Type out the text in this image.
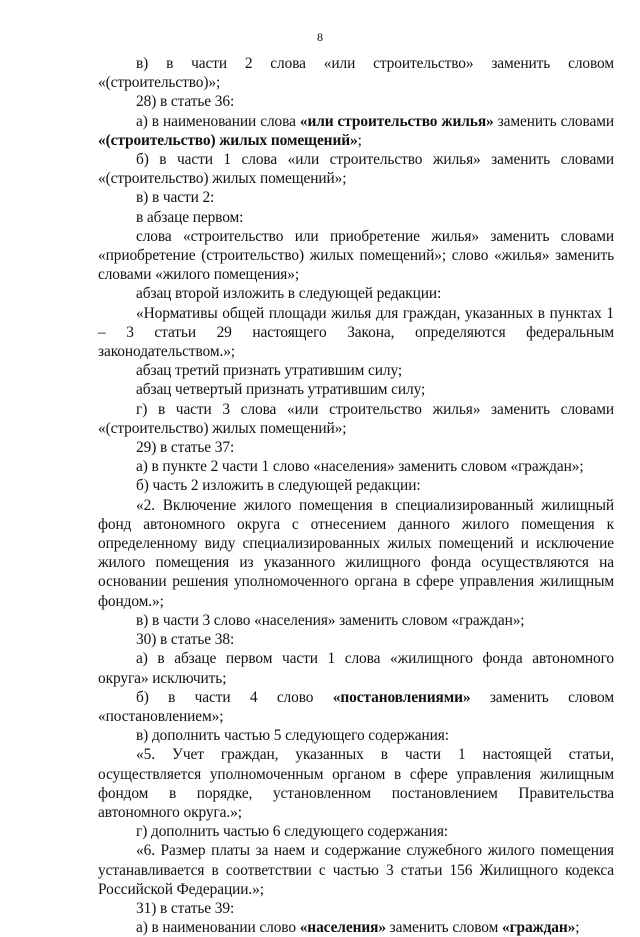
8

в) в части 2 слова «или строительство» заменить словом

«(строительство)»;

28) в статье 36:

а) в наименовании слова «или строительство жилья» заменить словами «(строительство) жилых помещений»;

б) в части 1 слова «или строительство жилья» заменить словами «(строительство) жилых помещений»;

в) в части 2:

в абзаце первом:

слова «строительство или приобретение жилья» заменить словами «приобретение (строительство) жилых помещений»; слово «жилья» заменить словами «жилого помещения»;

абзац второй изложить в следующей редакции:

«Нормативы общей площади жилья для граждан, указанных в пунктах 1 – 3 статьи 29 настоящего Закона, определяются федеральным законодательством.»;

абзац третий признать утратившим силу;

абзац четвертый признать утратившим силу;

г) в части 3 слова «или строительство жилья» заменить словами «(строительство) жилых помещений»;

29) в статье 37:

а) в пункте 2 части 1 слово «населения» заменить словом «граждан»;

б) часть 2 изложить в следующей редакции:

«2. Включение жилого помещения в специализированный жилищный фонд автономного округа с отнесением данного жилого помещения к определенному виду специализированных жилых помещений и исключение жилого помещения из указанного жилищного фонда осуществляются на основании решения уполномоченного органа в сфере управления жилищным фондом.»;

в) в части 3 слово «населения» заменить словом «граждан»;

30) в статье 38:

а) в абзаце первом части 1 слова «жилищного фонда автономного округа» исключить;

б) в части 4 слово «постановлениями» заменить словом

«постановлением»;

в) дополнить частью 5 следующего содержания:

«5. Учет граждан, указанных в части 1 настоящей статьи, осуществляется уполномоченным органом в сфере управления жилищным фондом в порядке, установленном постановлением Правительства автономного округа.»;

г) дополнить частью 6 следующего содержания:

«6. Размер платы за наем и содержание служебного жилого помещения устанавливается в соответствии с частью 3 статьи 156 Жилищного кодекса Российской Федерации.»;

31) в статье 39:

а) в наименовании слово «населения» заменить словом «граждан»;
